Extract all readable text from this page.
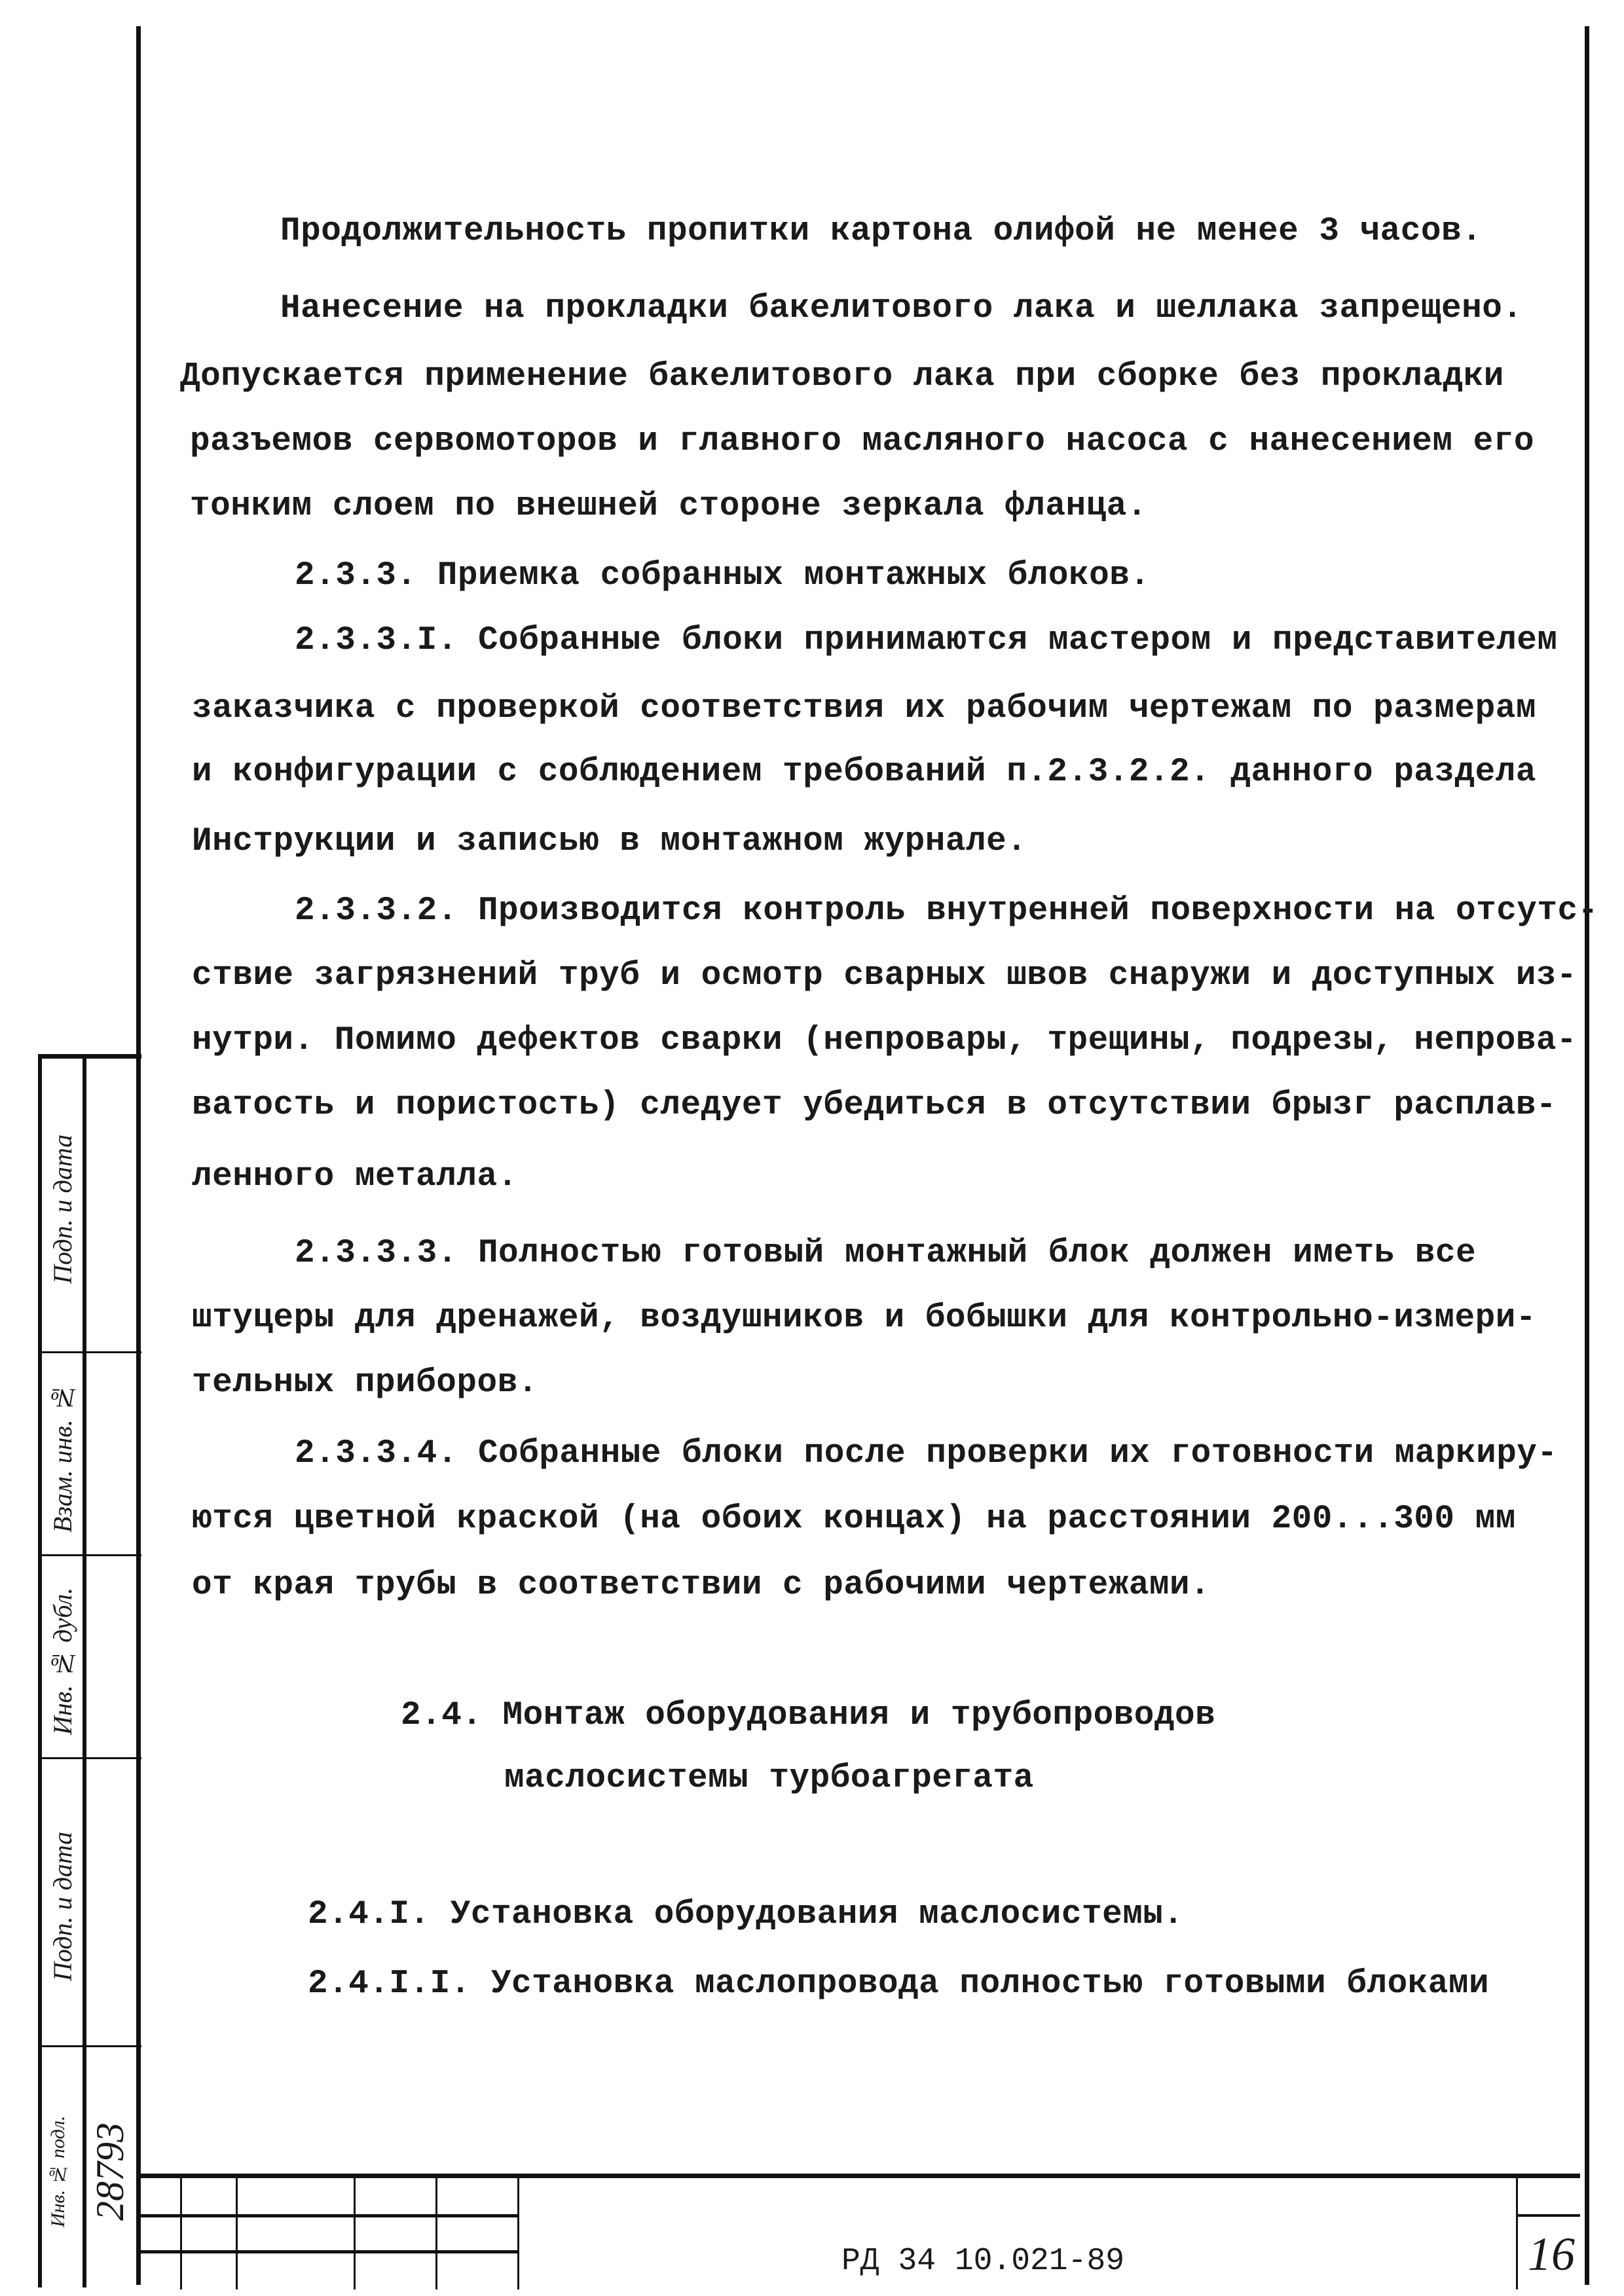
Продолжительность пропитки картона олифой не менее 3 часов.
Нанесение на прокладки бакелитового лака и шеллака запрещено.
Допускается применение бакелитового лака при сборке без прокладки
разъемов сервомоторов и главного масляного насоса с нанесением его
тонким слоем по внешней стороне зеркала фланца.
2.3.3. Приемка собранных монтажных блоков.
2.3.3.I. Собранные блоки принимаются мастером и представителем
заказчика с проверкой соответствия их рабочим чертежам по размерам
и конфигурации с соблюдением требований п.2.3.2.2. данного раздела
Инструкции и записью в монтажном журнале.
2.3.3.2. Производится контроль внутренней поверхности на отсутс-
ствие загрязнений труб и осмотр сварных швов снаружи и доступных из-
нутри. Помимо дефектов сварки (непровары, трещины, подрезы, непрова-
ватость и пористость) следует убедиться в отсутствии брызг расплав-
ленного металла.
2.3.3.3. Полностью готовый монтажный блок должен иметь все
штуцеры для дренажей, воздушников и бобышки для контрольно-измери-
тельных приборов.
2.3.3.4. Собранные блоки после проверки их готовности маркиру-
ются цветной краской (на обоих концах) на расстоянии 200...300 мм
от края трубы в соответствии с рабочими чертежами.
2.4. Монтаж оборудования и трубопроводов
маслосистемы турбоагрегата
2.4.I. Установка оборудования маслосистемы.
2.4.I.I. Установка маслопровода полностью готовыми блоками
Подп. и дата
Взам. инв. №
Инв. № дубл.
Подп. и дата
Инв. № подл. 28793
РД 34 10.021-89	16
